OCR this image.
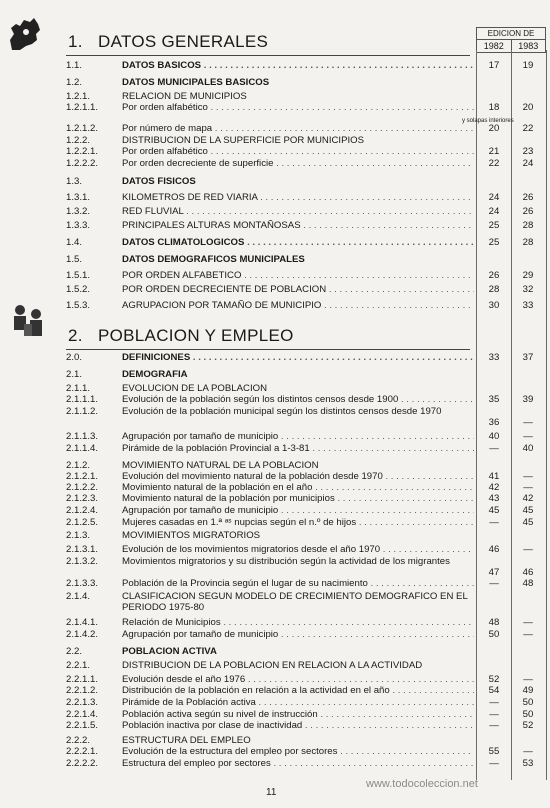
EDICION DE
1982	1983
1. DATOS GENERALES
2. POBLACION Y EMPLEO
1.1.	DATOS BASICOS . . .	17	19
1.2.	DATOS MUNICIPALES BASICOS
1.2.1.	RELACION DE MUNICIPIOS
1.2.1.1. Por orden alfabético . . .	18	20
1.2.1.2. Por número de mapa . . .	20	22
1.2.2.	DISTRIBUCION DE LA SUPERFICIE POR MUNICIPIOS
1.2.2.1. Por orden alfabético . . .	21	23
1.2.2.2. Por orden decreciente de superficie . . .	22	24
1.3.	DATOS FISICOS
1.3.1.	KILOMETROS DE RED VIARIA . . .	24	26
1.3.2.	RED FLUVIAL . . .	24	26
1.3.3.	PRINCIPALES ALTURAS MONTAÑOSAS . . .	25	28
1.4.	DATOS CLIMATOLOGICOS . . .	25	28
1.5.	DATOS DEMOGRAFICOS MUNICIPALES
1.5.1.	POR ORDEN ALFABETICO . . .	26	29
1.5.2.	POR ORDEN DECRECIENTE DE POBLACION . . .	28	32
1.5.3.	AGRUPACION POR TAMAÑO DE MUNICIPIO . . .	30	33
2.0.	DEFINICIONES . . .	33	37
2.1.	DEMOGRAFIA
2.1.1.	EVOLUCION DE LA POBLACION
2.1.1.1. Evolución de la población según los distintos censos desde 1900 . . .	35	39
2.1.1.2. Evolución de la población municipal según los distintos censos desde 1970
36	—
2.1.1.3. Agrupación por tamaño de municipio . . .	40	—
2.1.1.4. Pirámide de la población Provincial a 1-3-81 . . .	—	40
2.1.2.	MOVIMIENTO NATURAL DE LA POBLACION
2.1.2.1. Evolución del movimiento natural de la población desde 1970 . . .	41	—
2.1.2.2. Movimiento natural de la población en el año . . .	42	—
2.1.2.3. Movimiento natural de la población por municipios . . .	43	42
2.1.2.4. Agrupación por tamaño de municipio . . .	45	45
2.1.2.5. Mujeres casadas en 1.ª ᵃˢ nupcias según el n.º de hijos . . .	—	45
2.1.3.	MOVIMIENTOS MIGRATORIOS
2.1.3.1. Evolución de los movimientos migratorios desde el año 1970 . . .	46	—
2.1.3.2. Movimientos migratorios y su distribución según la actividad de los migrantes
47	46
2.1.3.3. Población de la Provincia según el lugar de su nacimiento . . .	—	48
2.1.4.	CLASIFICACION SEGUN MODELO DE CRECIMIENTO DEMOGRAFICO EN EL PERIODO 1975-80
2.1.4.1. Relación de Municipios . . .	48	—
2.1.4.2. Agrupación por tamaño de municipio . . .	50	—
2.2.	POBLACION ACTIVA
2.2.1.	DISTRIBUCION DE LA POBLACION EN RELACION A LA ACTIVIDAD
2.2.1.1. Evolución desde el año 1976 . . .	52	—
2.2.1.2. Distribución de la población en relación a la actividad en el año . . .	54	49
2.2.1.3. Pirámide de la Población activa . . .	—	50
2.2.1.4. Población activa según su nivel de instrucción . . .	—	50
2.2.1.5. Población inactiva por clase de inactividad . . .	—	52
2.2.2.	ESTRUCTURA DEL EMPLEO
2.2.2.1. Evolución de la estructura del empleo por sectores . . .	55	—
2.2.2.2. Estructura del empleo por sectores . . .	—	53
y solapas interiores
11
www.todocoleccion.net
